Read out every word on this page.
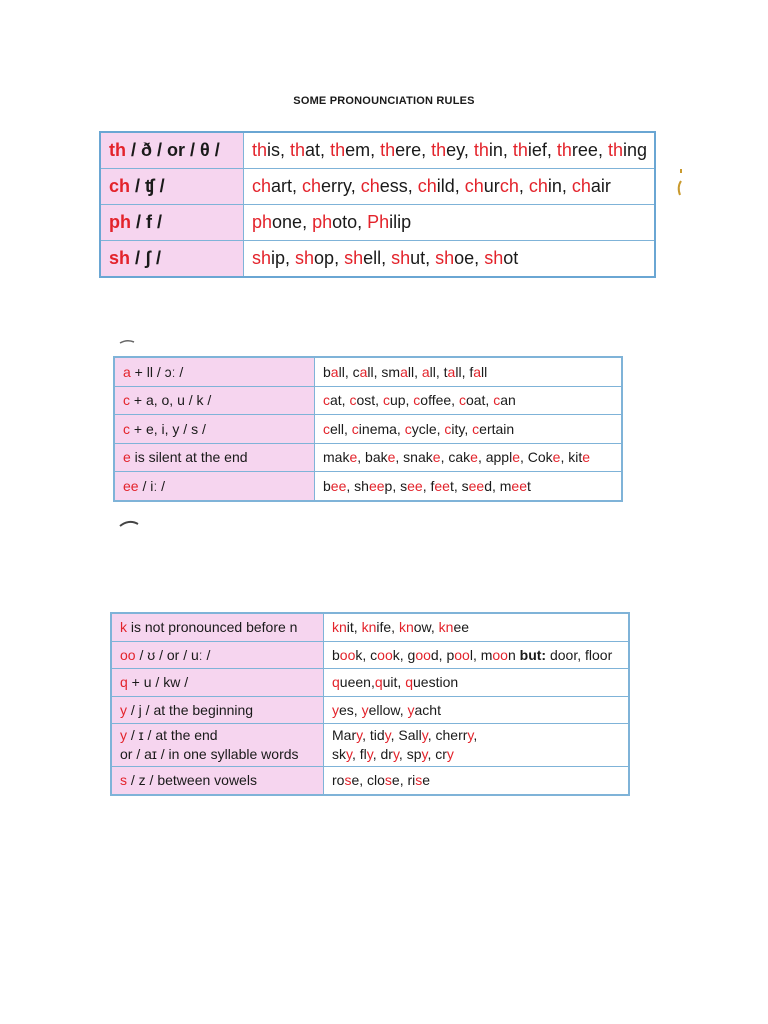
SOME PRONOUNCIATION RULES
th / ð / or / θ /	this, that, them, there, they, thin, thief, three, thing
ch / ʧ /	chart, cherry, chess, child, church, chin, chair
ph / f /	phone, photo, Philip
sh / ʃ /	ship, shop, shell, shut, shoe, shot
a + ll / ɔː /	ball, call, small, all, tall, fall
c + a, o, u / k /	cat, cost, cup, coffee, coat, can
c + e, i, y / s /	cell, cinema, cycle, city, certain
e is silent at the end	make, bake, snake, cake, apple, Coke, kite
ee / iː /	bee, sheep, see, feet, seed, meet
k is not pronounced before n	knit, knife, know, knee
oo / ʊ / or / uː /	book, cook, good, pool, moon but: door, floor
q + u / kw /	queen,quit, question
y / j / at the beginning	yes, yellow, yacht

y / ɪ / at the end
or / aɪ / in one syllable words	Mary, tidy, Sally, cherry,
sky, fly, dry, spy, cry

s / z / between vowels	rose, close, rise
